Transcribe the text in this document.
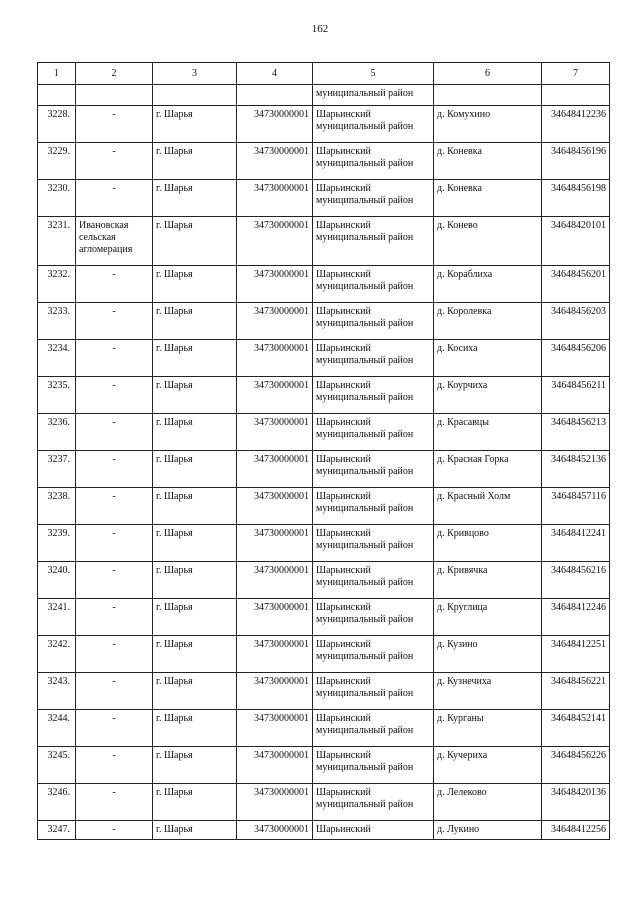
162
1	2	3	4	5	6	7
				муниципальный район		
3228.	-	г. Шарья	34730000001	Шарьинский муниципальный район	д. Комухино	34648412236
3229.	-	г. Шарья	34730000001	Шарьинский муниципальный район	д. Коневка	34648456196
3230.	-	г. Шарья	34730000001	Шарьинский муниципальный район	д. Коневка	34648456198
3231.	Ивановская сельская агломерация	г. Шарья	34730000001	Шарьинский муниципальный район	д. Конево	34648420101
3232.	-	г. Шарья	34730000001	Шарьинский муниципальный район	д. Кораблиха	34648456201
3233.	-	г. Шарья	34730000001	Шарьинский муниципальный район	д. Королевка	34648456203
3234.	-	г. Шарья	34730000001	Шарьинский муниципальный район	д. Косиха	34648456206
3235.	-	г. Шарья	34730000001	Шарьинский муниципальный район	д. Коурчиха	34648456211
3236.	-	г. Шарья	34730000001	Шарьинский муниципальный район	д. Красавцы	34648456213
3237.	-	г. Шарья	34730000001	Шарьинский муниципальный район	д. Красная Горка	34648452136
3238.	-	г. Шарья	34730000001	Шарьинский муниципальный район	д. Красный Холм	34648457116
3239.	-	г. Шарья	34730000001	Шарьинский муниципальный район	д. Кривцово	34648412241
3240.	-	г. Шарья	34730000001	Шарьинский муниципальный район	д. Кривячка	34648456216
3241.	-	г. Шарья	34730000001	Шарьинский муниципальный район	д. Круглица	34648412246
3242.	-	г. Шарья	34730000001	Шарьинский муниципальный район	д. Кузино	34648412251
3243.	-	г. Шарья	34730000001	Шарьинский муниципальный район	д. Кузнечиха	34648456221
3244.	-	г. Шарья	34730000001	Шарьинский муниципальный район	д. Курганы	34648452141
3245.	-	г. Шарья	34730000001	Шарьинский муниципальный район	д. Кучериха	34648456226
3246.	-	г. Шарья	34730000001	Шарьинский муниципальный район	д. Лелеково	34648420136
3247.	-	г. Шарья	34730000001	Шарьинский	д. Лукино	34648412256
